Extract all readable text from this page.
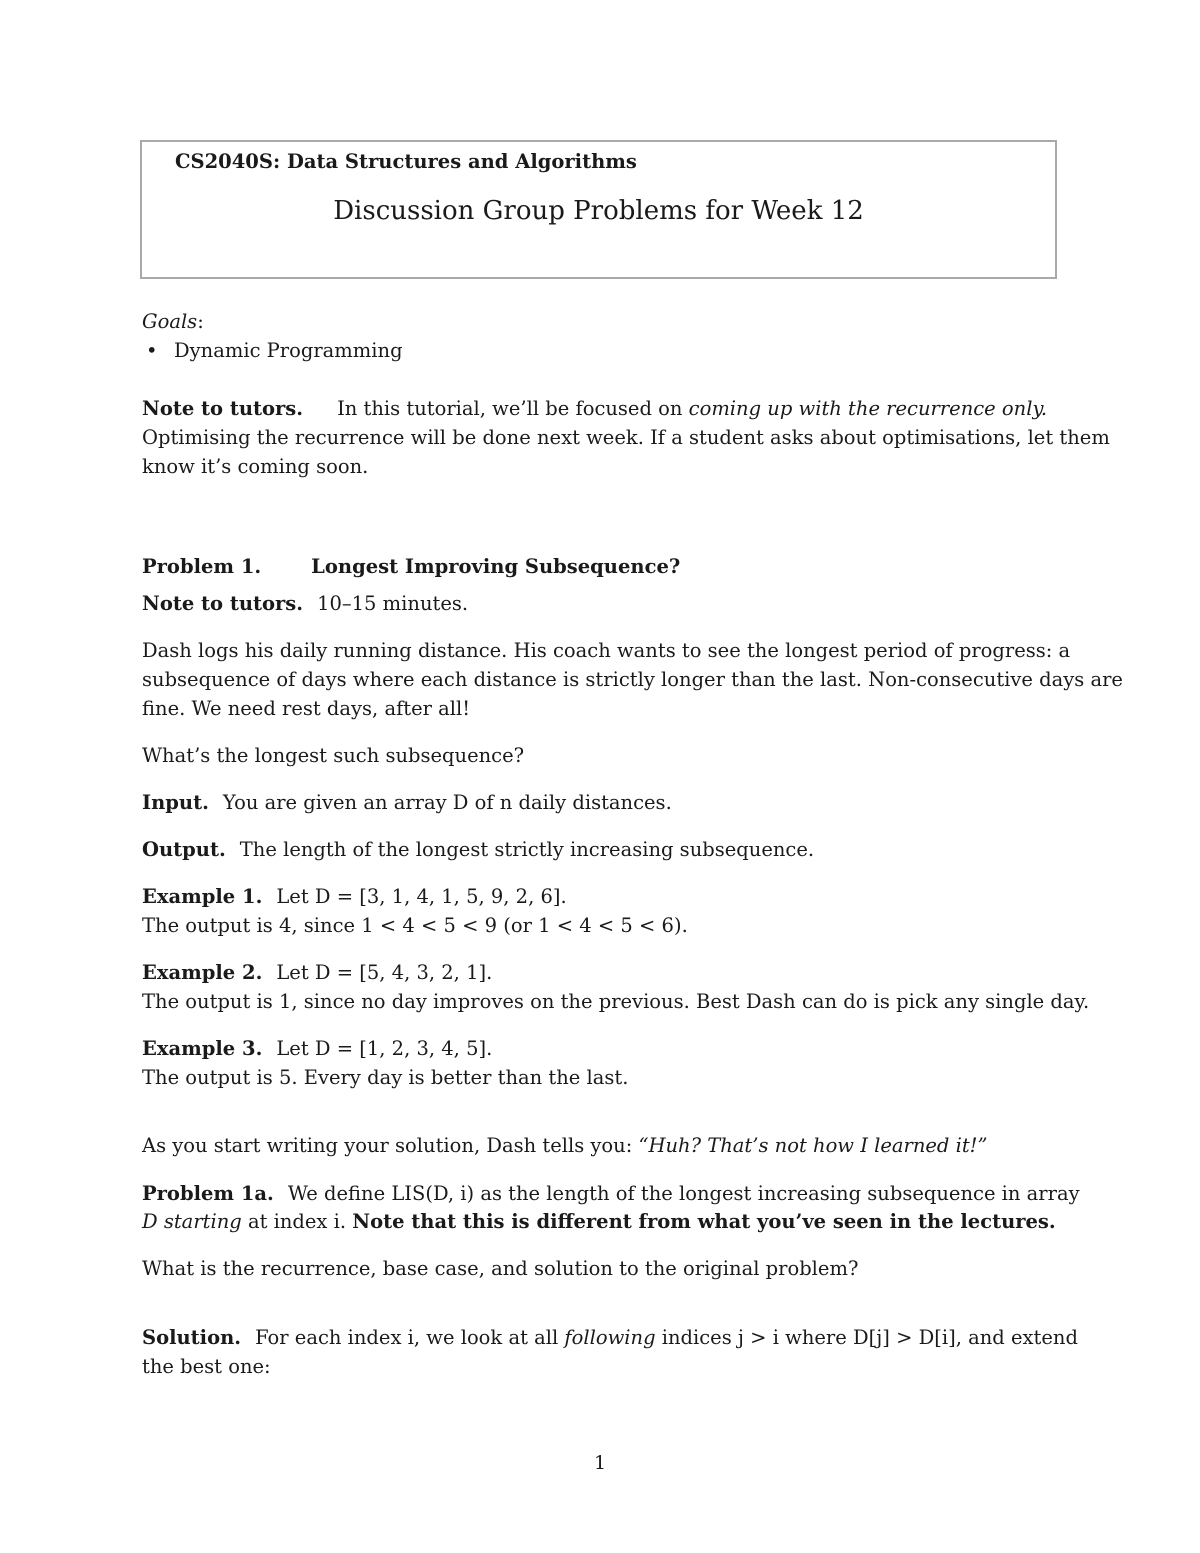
CS2040S: Data Structures and Algorithms
Discussion Group Problems for Week 12
Goals:
• Dynamic Programming
Note to tutors. In this tutorial, we’ll be focused on coming up with the recurrence only.
Optimising the recurrence will be done next week. If a student asks about optimisations, let them
know it’s coming soon.
Problem 1.	Longest Improving Subsequence?
Note to tutors. 10–15 minutes.
Dash logs his daily running distance. His coach wants to see the longest period of progress: a
subsequence of days where each distance is strictly longer than the last. Non-consecutive days are
fine. We need rest days, after all!
What’s the longest such subsequence?
Input. You are given an array D of n daily distances.
Output. The length of the longest strictly increasing subsequence.
Example 1. Let D = [3, 1, 4, 1, 5, 9, 2, 6].
The output is 4, since 1 < 4 < 5 < 9 (or 1 < 4 < 5 < 6).
Example 2. Let D = [5, 4, 3, 2, 1].
The output is 1, since no day improves on the previous. Best Dash can do is pick any single day.
Example 3. Let D = [1, 2, 3, 4, 5].
The output is 5. Every day is better than the last.
As you start writing your solution, Dash tells you: “Huh? That’s not how I learned it!”
Problem 1a. We define LIS(D, i) as the length of the longest increasing subsequence in array
D starting at index i. Note that this is different from what you’ve seen in the lectures.
What is the recurrence, base case, and solution to the original problem?
Solution. For each index i, we look at all following indices j > i where D[j] > D[i], and extend
the best one:
1
